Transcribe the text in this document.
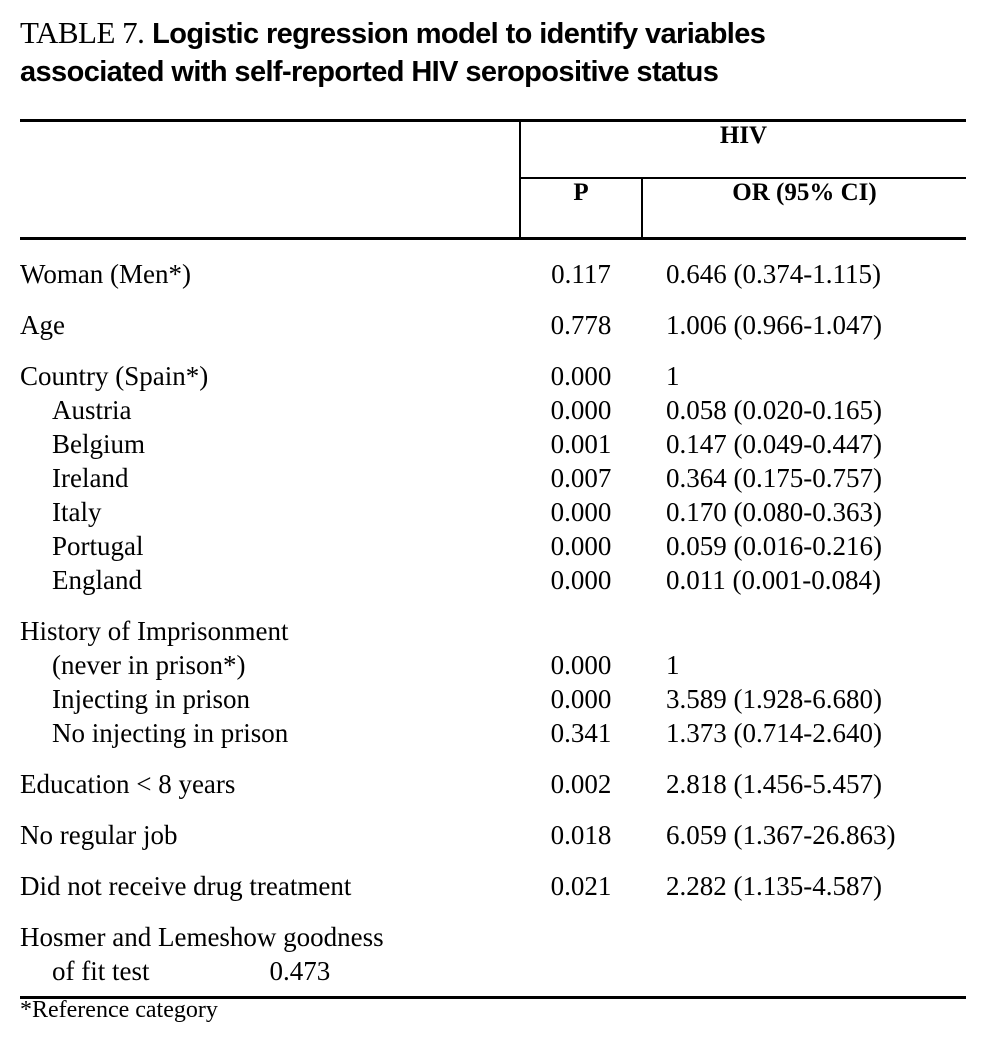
TABLE 7. Logistic regression model to identify variables
associated with self-reported HIV seropositive status

	HIV	
	P	OR (95% CI)

Woman (Men*)	0.117	0.646 (0.374-1.115)

Age	0.778	1.006 (0.966-1.047)

Country (Spain*)	0.000	1
Austria	0.000	0.058 (0.020-0.165)
Belgium	0.001	0.147 (0.049-0.447)
Ireland	0.007	0.364 (0.175-0.757)
Italy	0.000	0.170 (0.080-0.363)
Portugal	0.000	0.059 (0.016-0.216)
England	0.000	0.011 (0.001-0.084)

History of Imprisonment		
(never in prison*)	0.000	1
Injecting in prison	0.000	3.589 (1.928-6.680)
No injecting in prison	0.341	1.373 (0.714-2.640)

Education < 8 years	0.002	2.818 (1.456-5.457)

No regular job	0.018	6.059 (1.367-26.863)

Did not receive drug treatment	0.021	2.282 (1.135-4.587)

Hosmer and Lemeshow goodness		
of fit test 0.473		

*Reference category
